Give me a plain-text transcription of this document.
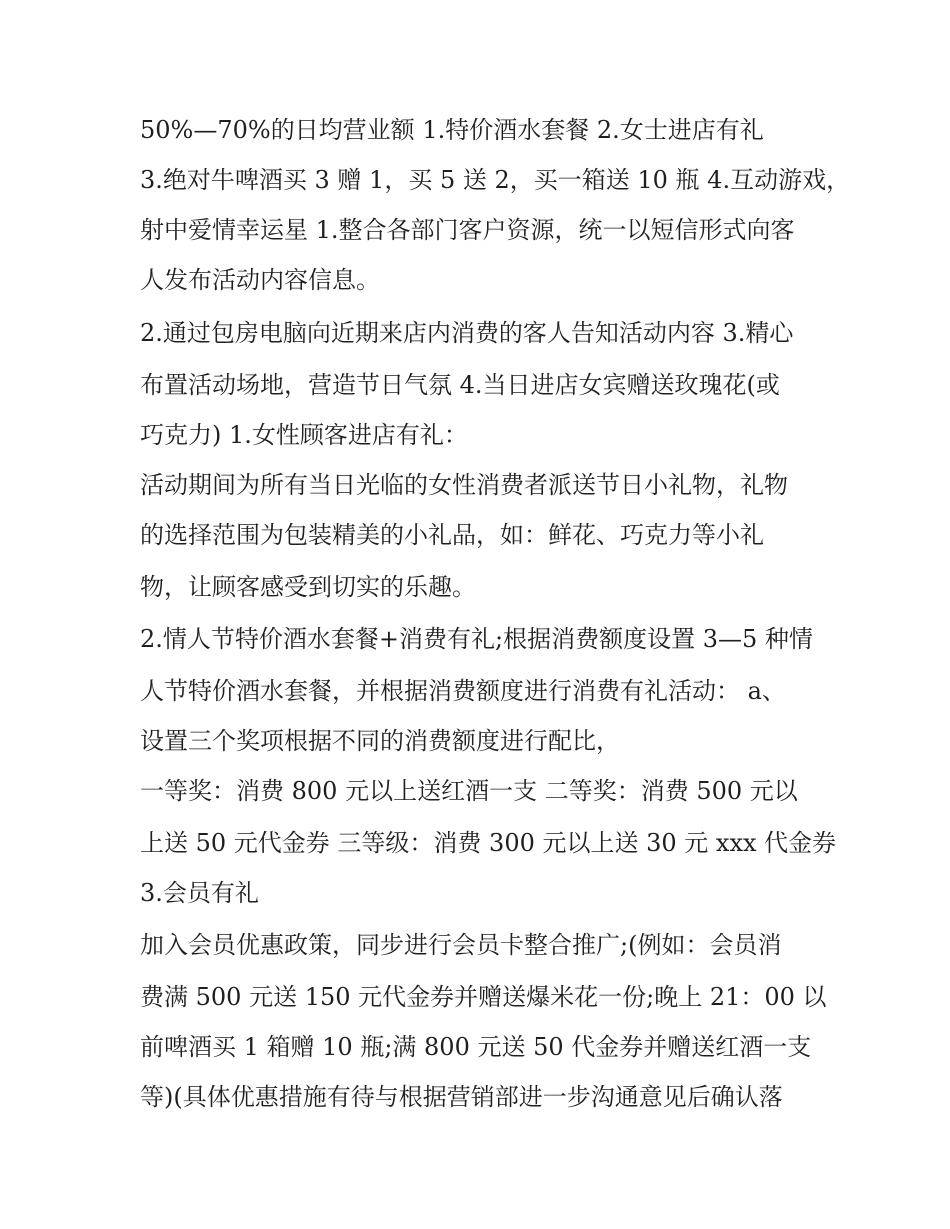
50%—70%的日均营业额 1.特价酒水套餐 2.女士进店有礼
3.绝对牛啤酒买 3 赠 1，买 5 送 2，买一箱送 10 瓶 4.互动游戏，
射中爱情幸运星 1.整合各部门客户资源，统一以短信形式向客
人发布活动内容信息。
2.通过包房电脑向近期来店内消费的客人告知活动内容 3.精心
布置活动场地，营造节日气氛 4.当日进店女宾赠送玫瑰花(或
巧克力) 1.女性顾客进店有礼：
活动期间为所有当日光临的女性消费者派送节日小礼物，礼物
的选择范围为包装精美的小礼品，如：鲜花、巧克力等小礼
物，让顾客感受到切实的乐趣。
2.情人节特价酒水套餐+消费有礼;根据消费额度设置 3—5 种情
人节特价酒水套餐，并根据消费额度进行消费有礼活动： a、
设置三个奖项根据不同的消费额度进行配比，
一等奖：消费 800 元以上送红酒一支 二等奖：消费 500 元以
上送 50 元代金券 三等级：消费 300 元以上送 30 元 xxx 代金券
3.会员有礼
加入会员优惠政策，同步进行会员卡整合推广;(例如：会员消
费满 500 元送 150 元代金券并赠送爆米花一份;晚上 21：00 以
前啤酒买 1 箱赠 10 瓶;满 800 元送 50 代金券并赠送红酒一支
等)(具体优惠措施有待与根据营销部进一步沟通意见后确认落
